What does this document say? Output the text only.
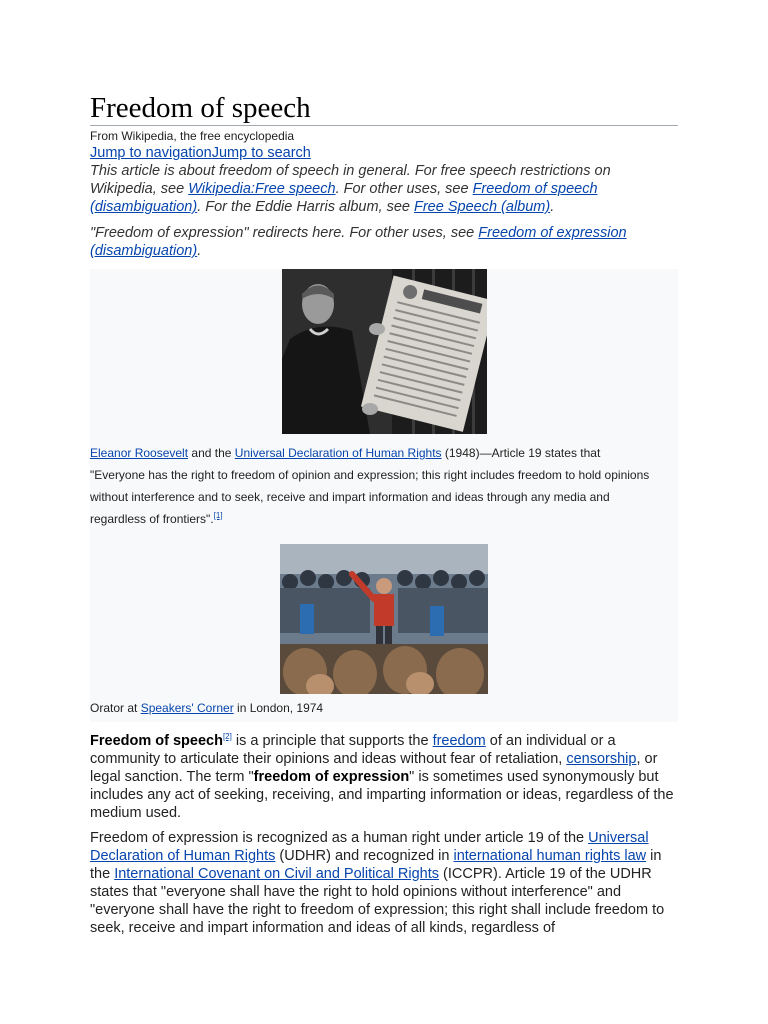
Freedom of speech
From Wikipedia, the free encyclopedia
Jump to navigationJump to search

This article is about freedom of speech in general. For free speech restrictions on Wikipedia, see Wikipedia:Free speech. For other uses, see Freedom of speech (disambiguation). For the Eddie Harris album, see Free Speech (album).

"Freedom of expression" redirects here. For other uses, see Freedom of expression (disambiguation).

Eleanor Roosevelt and the Universal Declaration of Human Rights (1948)—Article 19 states that "Everyone has the right to freedom of opinion and expression; this right includes freedom to hold opinions without interference and to seek, receive and impart information and ideas through any media and regardless of frontiers".[1]
Orator at Speakers' Corner in London, 1974

Freedom of speech[2] is a principle that supports the freedom of an individual or a community to articulate their opinions and ideas without fear of retaliation, censorship, or legal sanction. The term "freedom of expression" is sometimes used synonymously but includes any act of seeking, receiving, and imparting information or ideas, regardless of the medium used.

Freedom of expression is recognized as a human right under article 19 of the Universal Declaration of Human Rights (UDHR) and recognized in international human rights law in the International Covenant on Civil and Political Rights (ICCPR). Article 19 of the UDHR states that "everyone shall have the right to hold opinions without interference" and "everyone shall have the right to freedom of expression; this right shall include freedom to seek, receive and impart information and ideas of all kinds, regardless of
